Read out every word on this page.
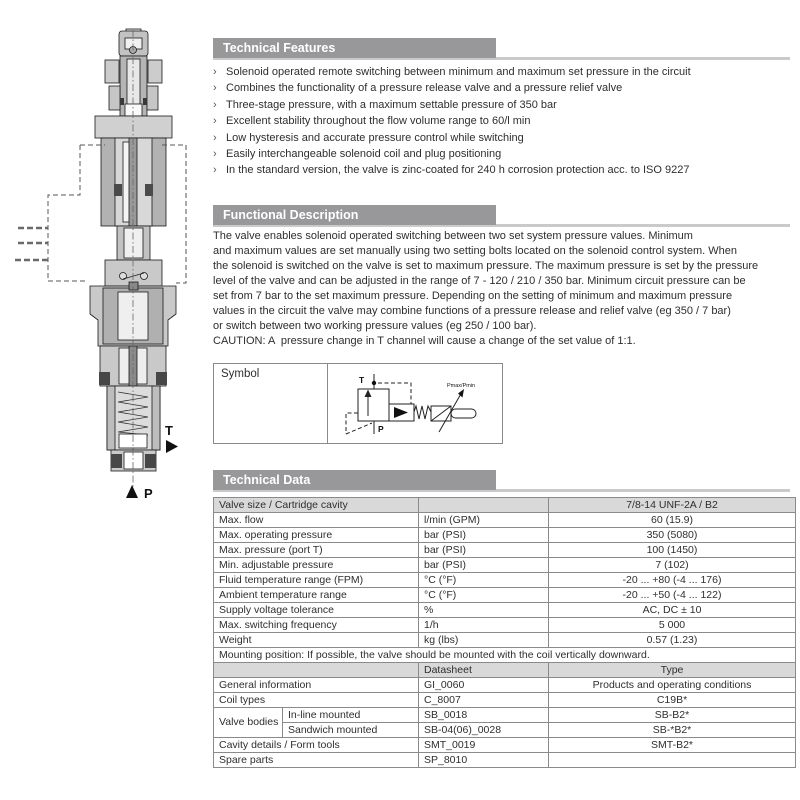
T
P
Technical Features
› Solenoid operated remote switching between minimum and maximum set pressure in the circuit
› Combines the functionality of a pressure release valve and a pressure relief valve
› Three-stage pressure, with a maximum settable pressure of 350 bar
› Excellent stability throughout the flow volume range to 60/l min
› Low hysteresis and accurate pressure control while switching
› Easily interchangeable solenoid coil and plug positioning
› In the standard version, the valve is zinc-coated for 240 h corrosion protection acc. to ISO 9227
Functional Description
The valve enables solenoid operated switching between two set system pressure values. Minimum
and maximum values are set manually using two setting bolts located on the solenoid control system. When
the solenoid is switched on the valve is set to maximum pressure. The maximum pressure is set by the pressure
level of the valve and can be adjusted in the range of 7 - 120 / 210 / 350 bar. Minimum circuit pressure can be
set from 7 bar to the set maximum pressure. Depending on the setting of minimum and maximum pressure
values in the circuit the valve may combine functions of a pressure release and relief valve (eg 350 / 7 bar)
or switch between two working pressure values (eg 250 / 100 bar).
CAUTION: A  pressure change in T channel will cause a change of the set value of 1:1.
Symbol	T
P
Pmax/Pmin
Technical Data
Valve size / Cartridge cavity		7/8-14 UNF-2A / B2
Max. flow	l/min (GPM)	60 (15.9)
Max. operating pressure	bar (PSI)	350 (5080)
Max. pressure (port T)	bar (PSI)	100 (1450)
Min. adjustable pressure	bar (PSI)	7 (102)
Fluid temperature range (FPM)	°C (°F)	-20 ... +80 (-4 ... 176)
Ambient temperature range	°C (°F)	-20 ... +50 (-4 ... 122)
Supply voltage tolerance	%	AC, DC ± 10
Max. switching frequency	1/h	5 000
Weight	kg (lbs)	0.57 (1.23)
Mounting position: If possible, the valve should be mounted with the coil vertically downward.		
		Datasheet	Type
General information		GI_0060	Products and operating conditions
Coil types		C_8007	C19B*
Valve bodies	In-line mounted	SB_0018	SB-B2*
	Sandwich mounted	SB-04(06)_0028	SB-*B2*
Cavity details / Form tools		SMT_0019	SMT-B2*
Spare parts		SP_8010	
